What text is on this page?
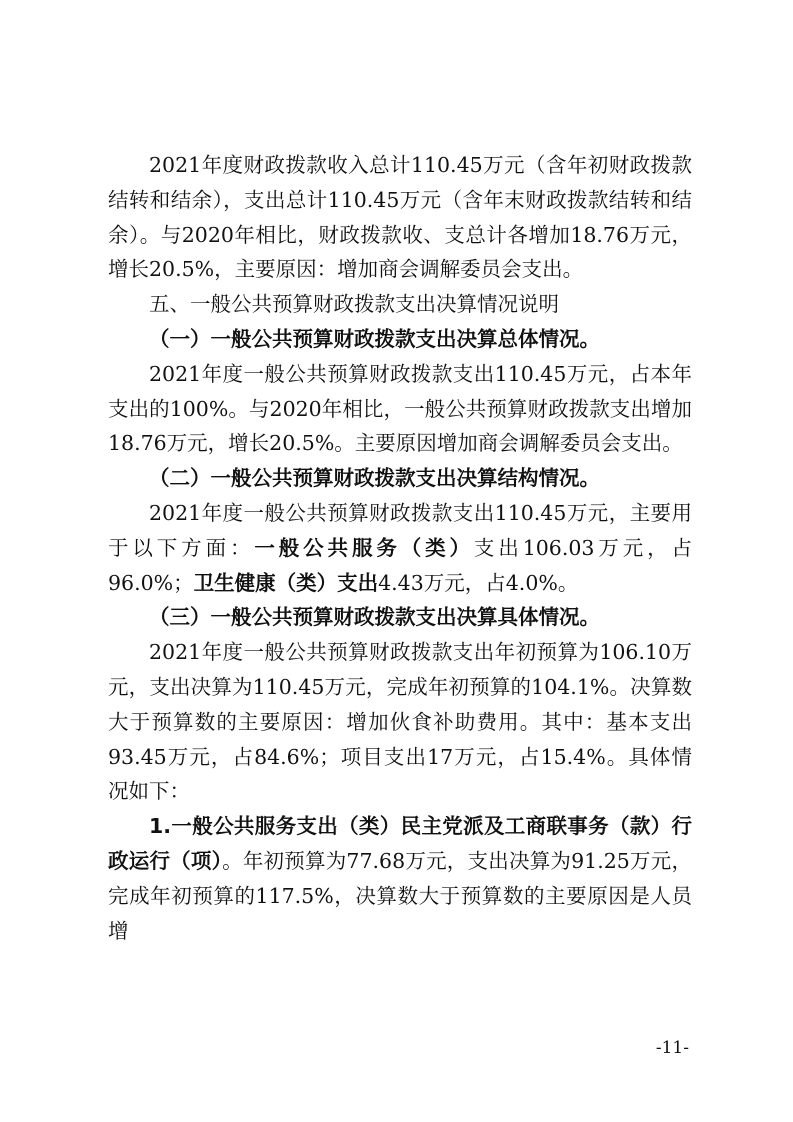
2021年度财政拨款收入总计110.45万元（含年初财政拨款结转和结余），支出总计110.45万元（含年末财政拨款结转和结余）。与2020年相比，财政拨款收、支总计各增加18.76万元，增长20.5%，主要原因：增加商会调解委员会支出。

五、一般公共预算财政拨款支出决算情况说明

（一）一般公共预算财政拨款支出决算总体情况。

2021年度一般公共预算财政拨款支出110.45万元，占本年支出的100%。与2020年相比，一般公共预算财政拨款支出增加18.76万元，增长20.5%。主要原因增加商会调解委员会支出。

（二）一般公共预算财政拨款支出决算结构情况。

2021年度一般公共预算财政拨款支出110.45万元，主要用于以下方面：一般公共服务（类）支出106.03万元，占96.0%；卫生健康（类）支出4.43万元，占4.0%。

（三）一般公共预算财政拨款支出决算具体情况。

2021年度一般公共预算财政拨款支出年初预算为106.10万元，支出决算为110.45万元，完成年初预算的104.1%。决算数大于预算数的主要原因：增加伙食补助费用。其中：基本支出93.45万元，占84.6%；项目支出17万元，占15.4%。具体情况如下：

1.一般公共服务支出（类）民主党派及工商联事务（款）行政运行（项）。年初预算为77.68万元，支出决算为91.25万元，完成年初预算的117.5%，决算数大于预算数的主要原因是人员增

-11-
